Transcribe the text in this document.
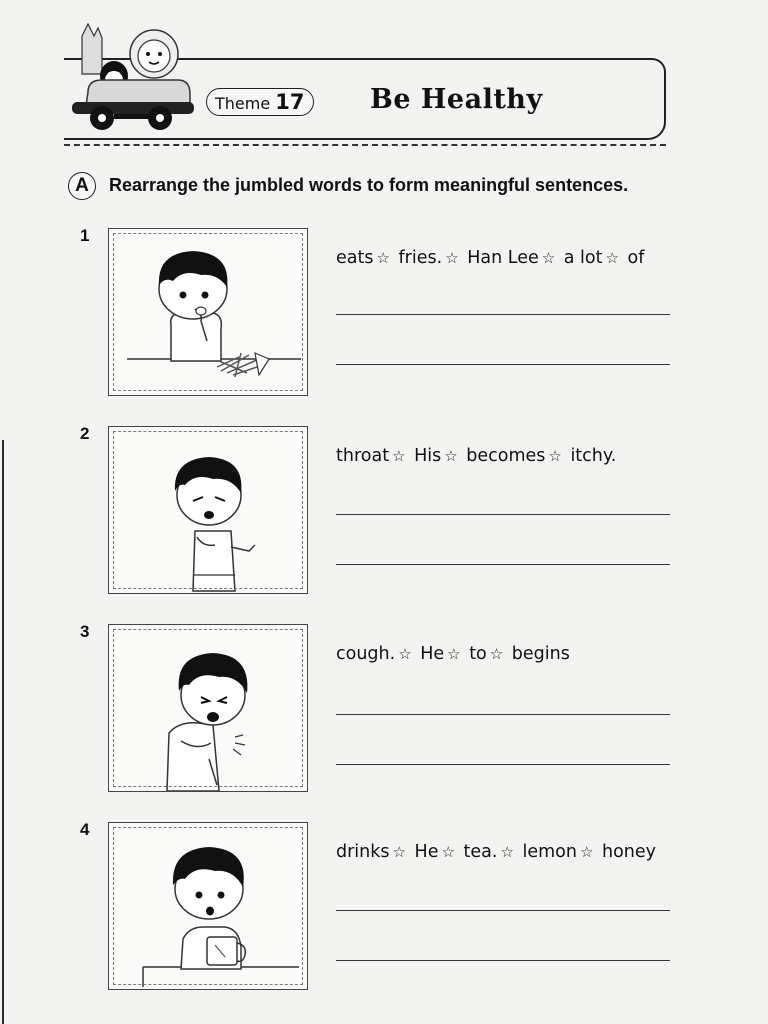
Theme 17	Be Healthy
A	Rearrange the jumbled words to form meaningful sentences.
1
eats ☆ fries. ☆ Han Lee ☆ a lot ☆ of
2
throat ☆ His ☆ becomes ☆ itchy.
3
cough. ☆ He ☆ to ☆ begins
4
drinks ☆ He ☆ tea. ☆ lemon ☆ honey
